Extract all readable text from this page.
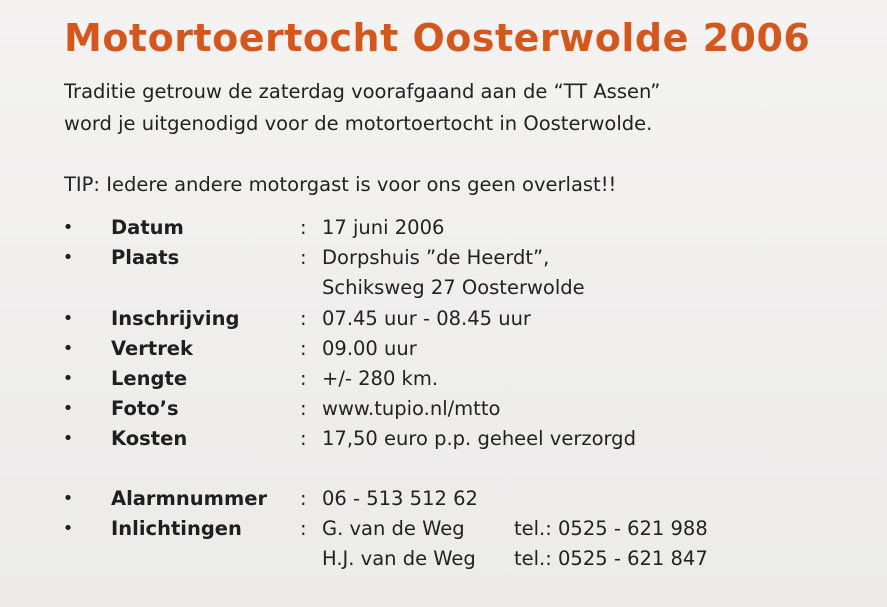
Motortoertocht Oosterwolde 2006

Traditie getrouw de zaterdag voorafgaand aan de “TT Assen”

word je uitgenodigd voor de motortoertocht in Oosterwolde.

TIP: Iedere andere motorgast is voor ons geen overlast!!

• Datum	: 17 juni 2006
• Plaats	: Dorpshuis ”de Heerdt”,
Schiksweg 27 Oosterwolde
• Inschrijving	: 07.45 uur - 08.45 uur
• Vertrek	: 09.00 uur
• Lengte	: +/- 280 km.
• Foto’s	: www.tupio.nl/mtto
• Kosten	: 17,50 euro p.p. geheel verzorgd
• Alarmnummer : 06 - 513 512 62
• Inlichtingen	: G. van de Weg	tel.: 0525 - 621 988
H.J. van de Weg tel.: 0525 - 621 847
